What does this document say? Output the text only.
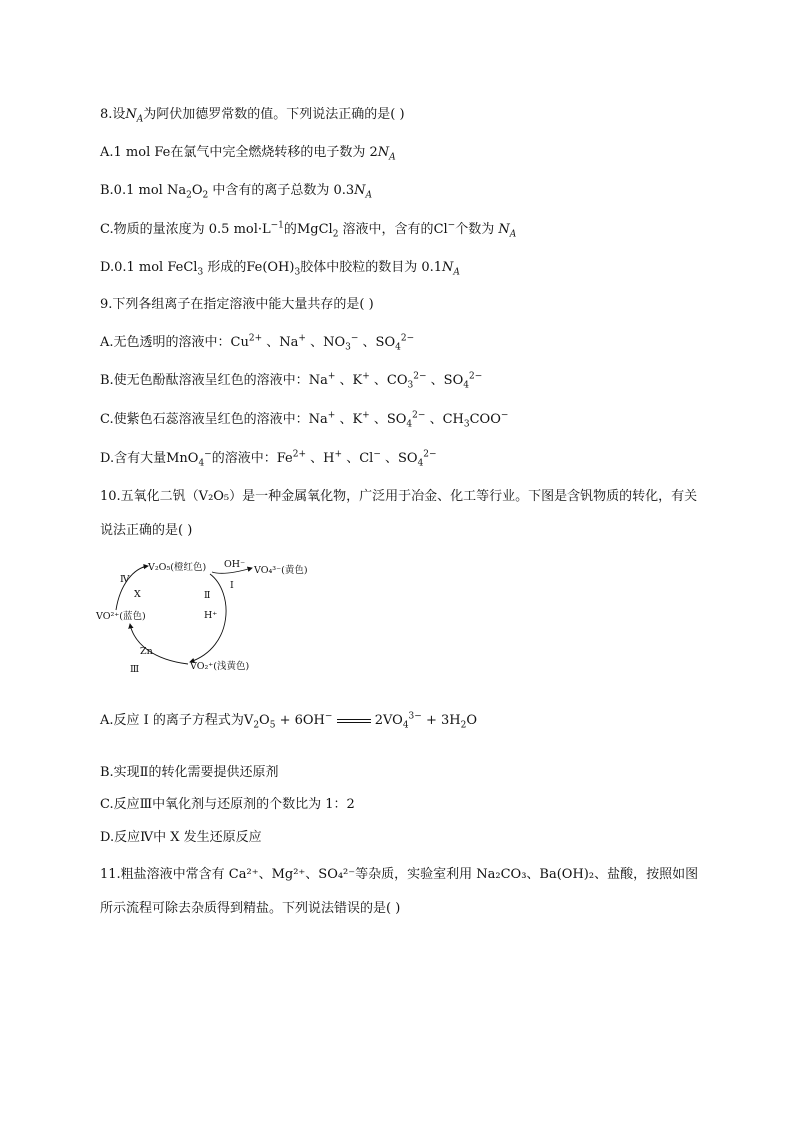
8.设$N_A$为阿伏加德罗常数的值。下列说法正确的是( )
A.1 mol Fe在氯气中完全燃烧转移的电子数为 $2N_A$
B.0.1 mol $Na_2O_2$ 中含有的离子总数为 $0.3N_A$
C.物质的量浓度为 0.5 $mol\cdot L^{-1}$的MgCl$_2$ 溶液中，含有的Cl−个数为 $N_A$
D.0.1 mol FeCl$_3$ 形成的$Fe(OH)_3$胶体中胶粒的数目为 $0.1N_A$
9.下列各组离子在指定溶液中能大量共存的是( )
A.无色透明的溶液中：$Cu^{2+}$ 、Na+ 、$NO_3^-$ 、$SO_4^{2-}$
B.使无色酚酞溶液呈红色的溶液中：Na+ 、K+ 、$CO_3^{2-}$ 、$SO_4^{2-}$
C.使紫色石蕊溶液呈红色的溶液中：Na+ 、K+ 、$SO_4^{2-}$ 、$CH_3COO^-$
D.含有大量MnO$_4$−的溶液中：$Fe^{2+}$ 、H+ 、Cl− 、$SO_4^{2-}$
10.五氧化二钒（V₂O₅）是一种金属氧化物，广泛用于冶金、化工等行业。下图是含钒物质的转化，有关说法正确的是( )
V₂O₅(橙红色)	VO₄³⁻(黄色)
VO²⁺(蓝色)
VO₂⁺(浅黄色)
OH⁻
H⁺
Zn
X
Ⅰ
Ⅱ
Ⅲ
Ⅳ
A.反应 I 的离子方程式为$V_2O_5 + 6OH^-$	$2VO_4^{3-} + 3H_2O$
B.实现Ⅱ的转化需要提供还原剂
C.反应Ⅲ中氧化剂与还原剂的个数比为 1：2
D.反应Ⅳ中 X 发生还原反应
11.粗盐溶液中常含有 Ca²⁺、Mg²⁺、SO₄²⁻等杂质，实验室利用 Na₂CO₃、Ba(OH)₂、盐酸，按照如图所示流程可除去杂质得到精盐。下列说法错误的是( )
